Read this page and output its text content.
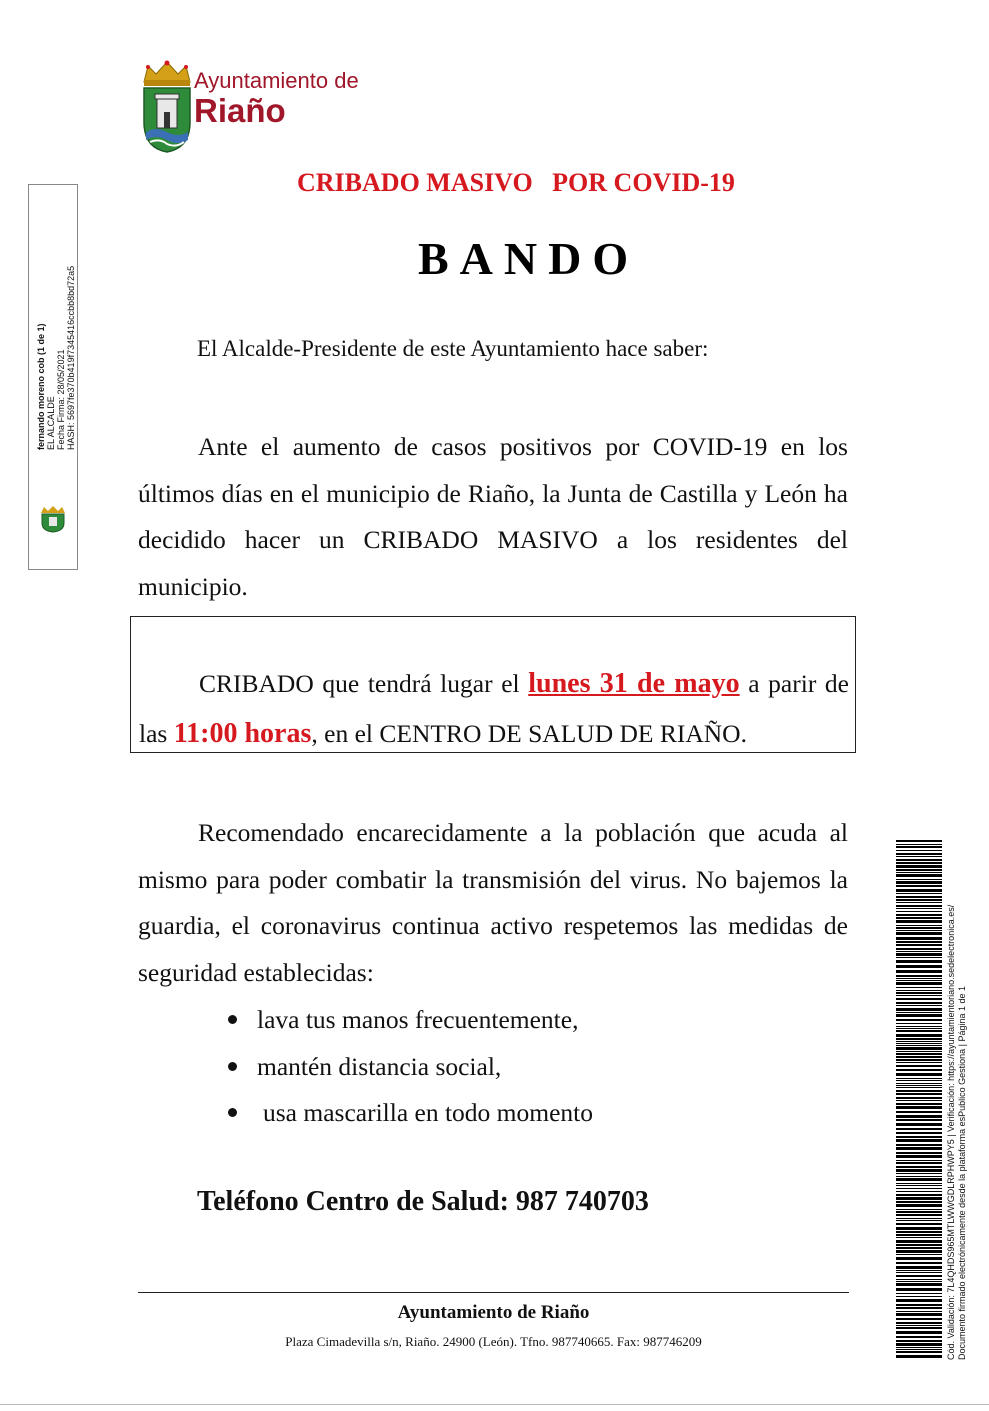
Ayuntamiento de
Riaño
fernando moreno cob (1 de 1) EL ALCALDE Fecha Firma: 28/05/2021 HASH: 5697fe370b419f7345416ccbb8bd72a5
Cód. Validación: 7L4QHDS965MTLWWGDLRPHWPY5 | Verificación: https://ayuntamientoriano.sedelectronica.es/ Documento firmado electrónicamente desde la plataforma esPublico Gestiona | Página 1 de 1
CRIBADO MASIVO   POR COVID-19
BANDO
El Alcalde-Presidente de este Ayuntamiento hace saber:
Ante el aumento de casos positivos por COVID-19 en los últimos días en el municipio de Riaño, la Junta de Castilla y León ha decidido hacer un CRIBADO MASIVO a los residentes del municipio.
CRIBADO que tendrá lugar el lunes 31 de mayo a parir de las 11:00 horas, en el CENTRO DE SALUD DE RIAÑO.
Recomendado encarecidamente a la población que acuda al mismo para poder combatir la transmisión del virus. No bajemos la guardia, el coronavirus continua activo respetemos las medidas de seguridad establecidas:
lava tus manos frecuentemente,
mantén distancia social,
usa mascarilla en todo momento
Teléfono Centro de Salud: 987 740703
Ayuntamiento de Riaño
Plaza Cimadevilla s/n, Riaño. 24900 (León). Tfno. 987740665. Fax: 987746209
